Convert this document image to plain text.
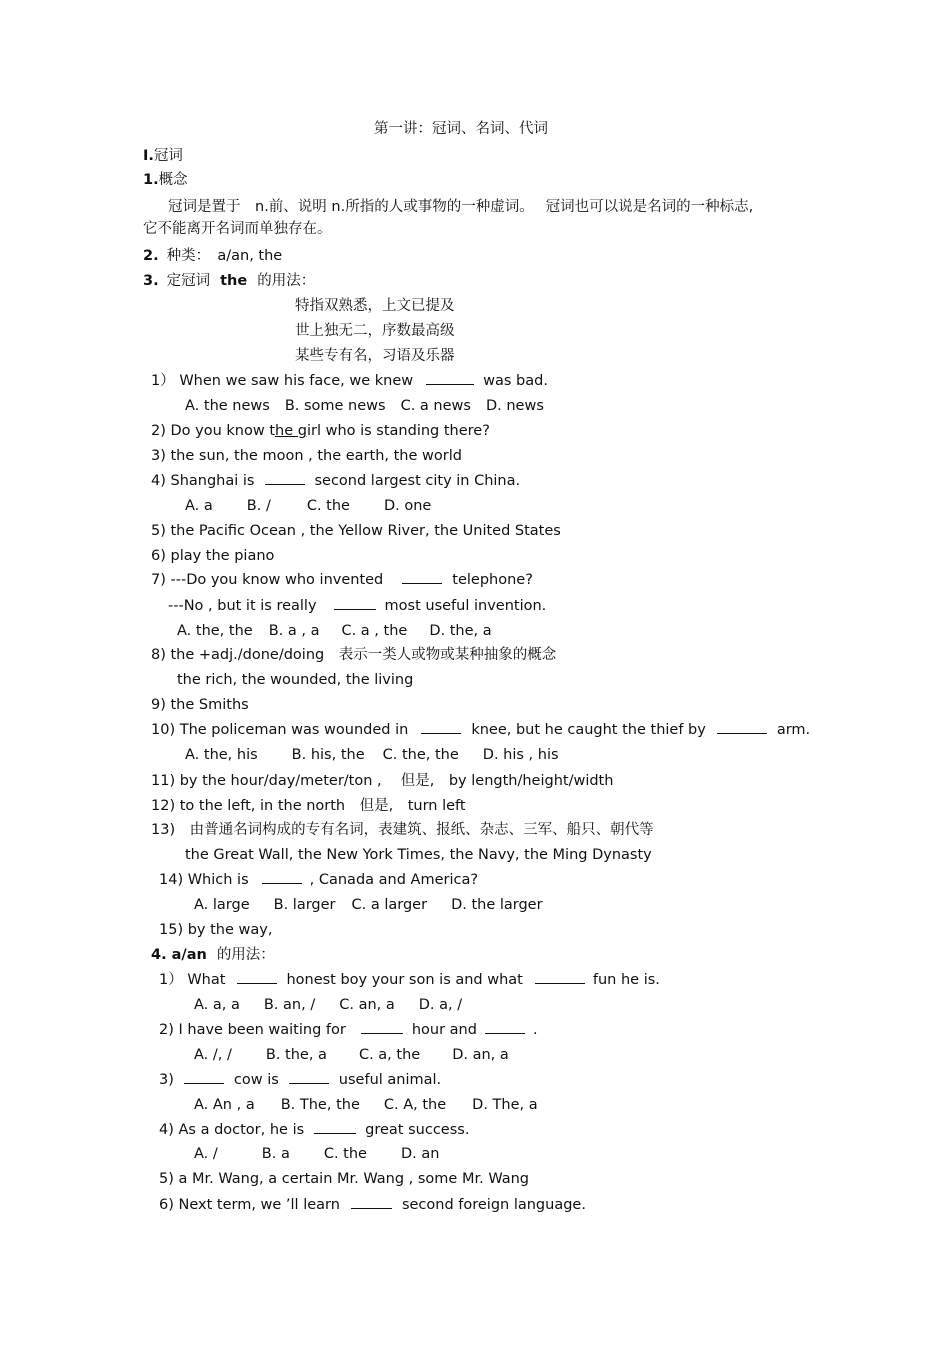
第一讲：冠词、名词、代词
I.冠词
1.概念
冠词是置于　n.前、说明 n.所指的人或事物的一种虚词。　 冠词也可以说是名词的一种标志,
它不能离开名词而单独存在。
2. 种类：　a/an, the
3. 定冠词 the 的用法：
特指双熟悉，上文已提及
世上独无二，序数最高级
某些专有名，习语及乐器
1） When we saw his face, we knew	was bad.
A. the news B. some news C. a news D. news
2) Do you know the girl who is standing there?
3) the sun, the moon , the earth, the world
4) Shanghai is	second largest city in China.
A. a B. / C. the D. one
5) the Pacific Ocean , the Yellow River, the United States
6) play the piano
7) ---Do you know who invented	telephone?
---No , but it is really	most useful invention.
A. the, the B. a , a C. a , the D. the, a
8) the +adj./done/doing　表示一类人或物或某种抽象的概念
the rich, the wounded, the living
9) the Smiths
10) The policeman was wounded in	knee, but he caught the thief by	arm.
A. the, his B. his, the C. the, the D. his , his
11) by the hour/day/meter/ton ,　 但是,　by length/height/width
12) to the left, in the north　但是,　turn left
13)　由普通名词构成的专有名词，表建筑、报纸、杂志、三军、船只、朝代等
the Great Wall, the New York Times, the Navy, the Ming Dynasty
14) Which is	, Canada and America?
A. large B. larger C. a larger D. the larger
15) by the way,
4. a/an 的用法：
1） What	honest boy your son is and what	fun he is.
A. a, a B. an, / C. an, a D. a, /
2) I have been waiting for	hour and	.
A. /, / B. the, a C. a, the D. an, a
3)	cow is	useful animal.
A. An , a B. The, the C. A, the D. The, a
4) As a doctor, he is	great success.
A. /	B. a C. the D. an
5) a Mr. Wang, a certain Mr. Wang , some Mr. Wang
6) Next term, we ’ll learn	second foreign language.
